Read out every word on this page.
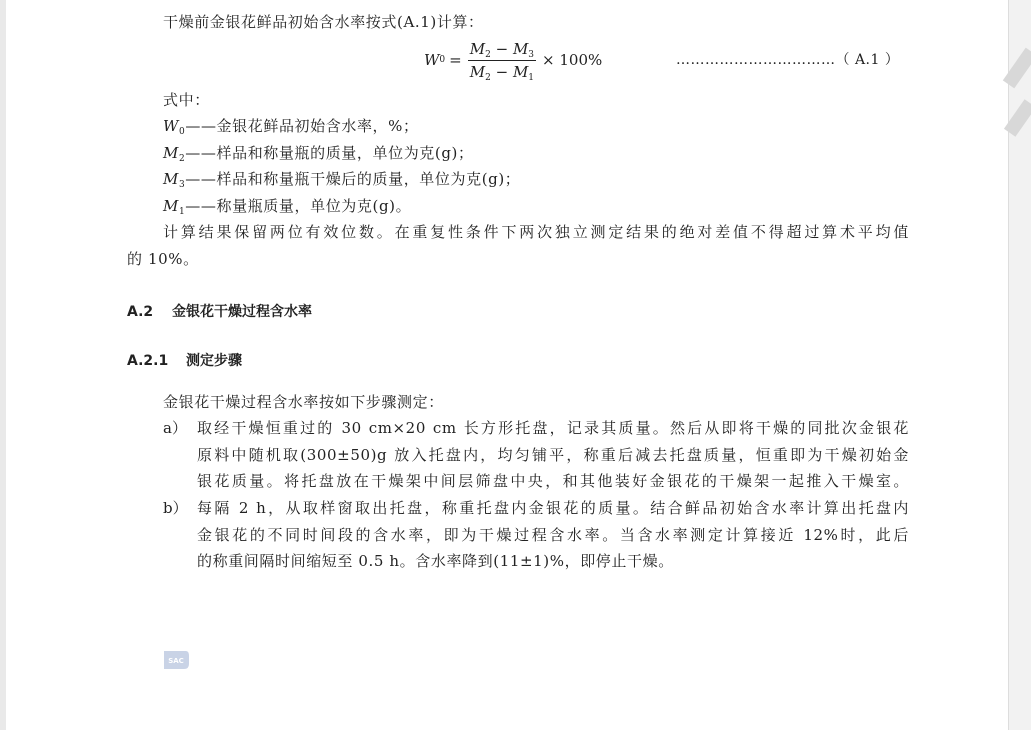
干燥前金银花鲜品初始含水率按式(A.1)计算：
W $0 = \frac{M_2 - M_3}{M_2 - M_1} \times 100\%$	……………………………（ A.1 ）
式中：
$W_0——$金银花鲜品初始含水率，%；
$M_2——$样品和称量瓶的质量，单位为克(g)；
$M_3——$样品和称量瓶干燥后的质量，单位为克(g)；
$M_1——$称量瓶质量，单位为克(g)。
计算结果保留两位有效位数。在重复性条件下两次独立测定结果的绝对差值不得超过算术平均值
的 10%。
A.2 金银花干燥过程含水率
A.2.1 测定步骤
金银花干燥过程含水率按如下步骤测定：
a） 取经干燥恒重过的 30 cm×20 cm 长方形托盘，记录其质量。然后从即将干燥的同批次金银花
原料中随机取(300±50)g 放入托盘内，均匀铺平，称重后减去托盘质量，恒重即为干燥初始金
银花质量。将托盘放在干燥架中间层筛盘中央，和其他装好金银花的干燥架一起推入干燥室。
b） 每隔 2 h，从取样窗取出托盘，称重托盘内金银花的质量。结合鲜品初始含水率计算出托盘内
金银花的不同时间段的含水率，即为干燥过程含水率。当含水率测定计算接近 12%时，此后
的称重间隔时间缩短至 0.5 h。含水率降到(11±1)%，即停止干燥。
SAC
